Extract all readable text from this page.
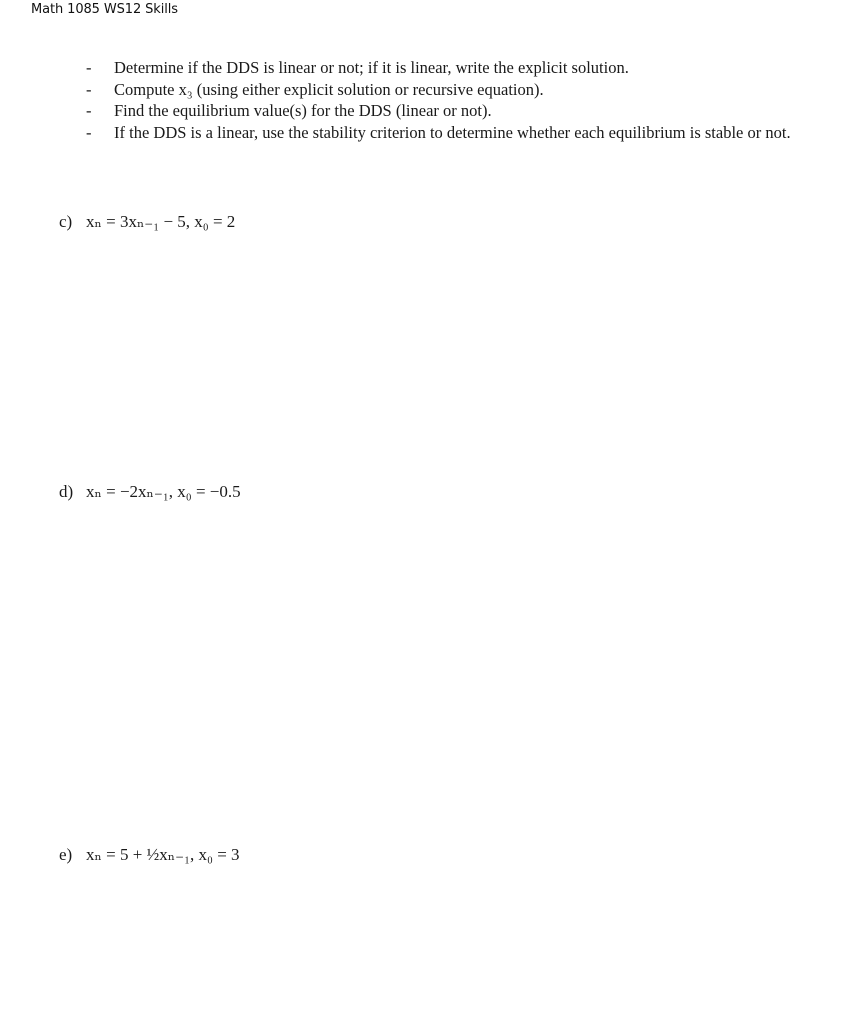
Math 1085 WS12 Skills
- Determine if the DDS is linear or not; if it is linear, write the explicit solution.
- Compute x₃ (using either explicit solution or recursive equation).
- Find the equilibrium value(s) for the DDS (linear or not).
- If the DDS is a linear, use the stability criterion to determine whether each equilibrium is stable or not.
c) xₙ = 3xₙ₋₁ − 5, x₀ = 2
d) xₙ = −2xₙ₋₁, x₀ = −0.5
e) xₙ = 5 + ½xₙ₋₁, x₀ = 3
